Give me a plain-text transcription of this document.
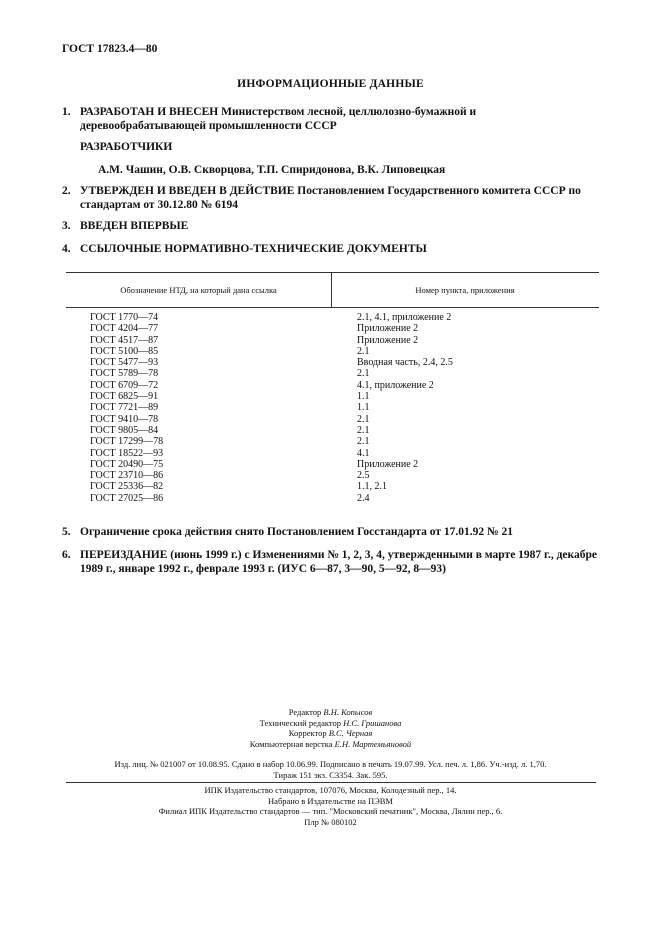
ГОСТ 17823.4—80
ИНФОРМАЦИОННЫЕ ДАННЫЕ
1. РАЗРАБОТАН И ВНЕСЕН Министерством лесной, целлюлозно-бумажной и деревообрабатывающей промышленности СССР
РАЗРАБОТЧИКИ
А.М. Чашин, О.В. Скворцова, Т.П. Спиридонова, В.К. Липовецкая
2. УТВЕРЖДЕН И ВВЕДЕН В ДЕЙСТВИЕ Постановлением Государственного комитета СССР по стандартам от 30.12.80 № 6194
3. ВВЕДЕН ВПЕРВЫЕ
4. ССЫЛОЧНЫЕ НОРМАТИВНО-ТЕХНИЧЕСКИЕ ДОКУМЕНТЫ
Обозначение НТД, на который дана ссылка	Номер пункта, приложения
ГОСТ 1770—74	2.1, 4.1, приложение 2
ГОСТ 4204—77	Приложение 2
ГОСТ 4517—87	Приложение 2
ГОСТ 5100—85	2.1
ГОСТ 5477—93	Вводная часть, 2.4, 2.5
ГОСТ 5789—78	2.1
ГОСТ 6709—72	4.1, приложение 2
ГОСТ 6825—91	1.1
ГОСТ 7721—89	1.1
ГОСТ 9410—78	2.1
ГОСТ 9805—84	2.1
ГОСТ 17299—78	2.1
ГОСТ 18522—93	4.1
ГОСТ 20490—75	Приложение 2
ГОСТ 23710—86	2.5
ГОСТ 25336—82	1.1, 2.1
ГОСТ 27025—86	2.4
5. Ограничение срока действия снято Постановлением Госстандарта от 17.01.92 № 21
6. ПЕРЕИЗДАНИЕ (июнь 1999 г.) с Изменениями № 1, 2, 3, 4, утвержденными в марте 1987 г., декабре 1989 г., январе 1992 г., феврале 1993 г. (ИУС 6—87, 3—90, 5—92, 8—93)
Редактор В.Н. Копысов
Технический редактор Н.С. Гришанова
Корректор В.С. Черная
Компьютерная верстка Е.Н. Мартемьяновой
Изд. лиц. № 021007 от 10.08.95. Сдано в набор 10.06.99. Подписано в печать 19.07.99. Усл. печ. л. 1,86. Уч.-изд. л. 1,70.
Тираж 151 экз. С3354. Зак. 595.
ИПК Издательство стандартов, 107076, Москва, Колодезный пер., 14.
Набрано в Издательстве на ПЭВМ
Филиал ИПК Издательство стандартов — тип. "Московский печатник", Москва, Лялин пер., 6.
Плр № 080102
